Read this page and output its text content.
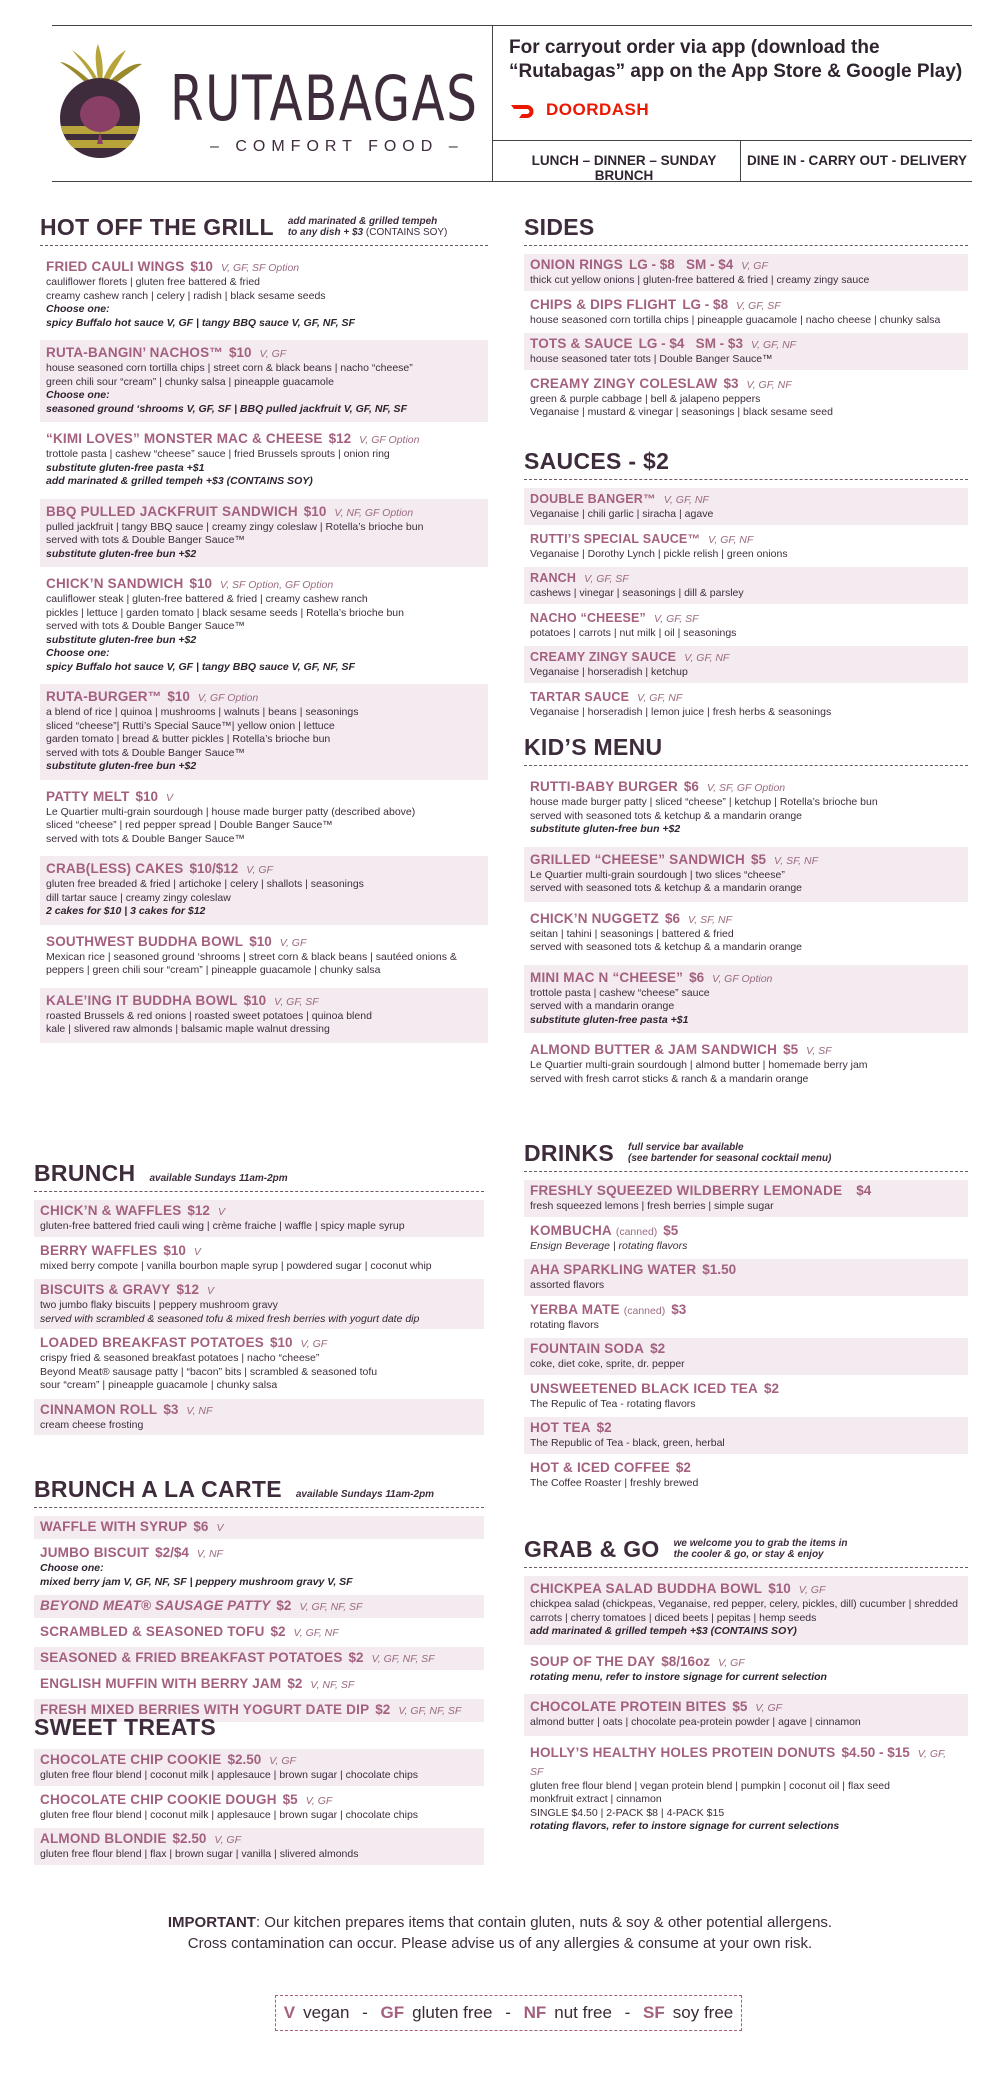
RUTABAGAS
– COMFORT FOOD –
For carryout order via app (download the “Rutabagas” app on the App Store & Google Play)
DOORDASH
LUNCH – DINNER – SUNDAY BRUNCH
DINE IN - CARRY OUT - DELIVERY
HOT OFF THE GRILL add marinated & grilled tempeh
to any dish + $3 (CONTAINS SOY)
FRIED CAULI WINGS $10 V, GF, SF Option
cauliflower florets | gluten free battered & fried
creamy cashew ranch | celery | radish | black sesame seeds
Choose one:
spicy Buffalo hot sauce V, GF | tangy BBQ sauce V, GF, NF, SF
RUTA-BANGIN’ NACHOS™ $10 V, GF
house seasoned corn tortilla chips | street corn & black beans | nacho “cheese”
green chili sour “cream” | chunky salsa | pineapple guacamole
Choose one:
seasoned ground ‘shrooms V, GF, SF | BBQ pulled jackfruit V, GF, NF, SF
“KIMI LOVES” MONSTER MAC & CHEESE $12 V, GF Option
trottole pasta | cashew “cheese” sauce | fried Brussels sprouts | onion ring
substitute gluten-free pasta +$1
add marinated & grilled tempeh +$3 (CONTAINS SOY)
BBQ PULLED JACKFRUIT SANDWICH $10 V, NF, GF Option
pulled jackfruit | tangy BBQ sauce | creamy zingy coleslaw | Rotella’s brioche bun
served with tots & Double Banger Sauce™
substitute gluten-free bun +$2
CHICK’N SANDWICH $10 V, SF Option, GF Option
cauliflower steak | gluten-free battered & fried | creamy cashew ranch
pickles | lettuce | garden tomato | black sesame seeds | Rotella’s brioche bun
served with tots & Double Banger Sauce™
substitute gluten-free bun +$2
Choose one:
spicy Buffalo hot sauce V, GF | tangy BBQ sauce V, GF, NF, SF
RUTA-BURGER™ $10 V, GF Option
a blend of rice | quinoa | mushrooms | walnuts | beans | seasonings
sliced “cheese”| Rutti’s Special Sauce™| yellow onion | lettuce
garden tomato | bread & butter pickles | Rotella’s brioche bun
served with tots & Double Banger Sauce™
substitute gluten-free bun +$2
PATTY MELT $10 V
Le Quartier multi-grain sourdough | house made burger patty (described above)
sliced “cheese” | red pepper spread | Double Banger Sauce™
served with tots & Double Banger Sauce™
CRAB(LESS) CAKES $10/$12 V, GF
gluten free breaded & fried | artichoke | celery | shallots | seasonings
dill tartar sauce | creamy zingy coleslaw
2 cakes for $10 | 3 cakes for $12
SOUTHWEST BUDDHA BOWL $10 V, GF
Mexican rice | seasoned ground ‘shrooms | street corn & black beans | sautéed onions &
peppers | green chili sour “cream” | pineapple guacamole | chunky salsa
KALE’ING IT BUDDHA BOWL $10 V, GF, SF
roasted Brussels & red onions | roasted sweet potatoes | quinoa blend
kale | slivered raw almonds | balsamic maple walnut dressing
BRUNCH available Sundays 11am-2pm
CHICK’N & WAFFLES $12 V
gluten-free battered fried cauli wing | crème fraiche | waffle | spicy maple syrup
BERRY WAFFLES $10 V
mixed berry compote | vanilla bourbon maple syrup | powdered sugar | coconut whip
BISCUITS & GRAVY $12 V
two jumbo flaky biscuits | peppery mushroom gravy
served with scrambled & seasoned tofu & mixed fresh berries with yogurt date dip
LOADED BREAKFAST POTATOES $10 V, GF
crispy fried & seasoned breakfast potatoes | nacho “cheese”
Beyond Meat® sausage patty | “bacon” bits | scrambled & seasoned tofu
sour “cream” | pineapple guacamole | chunky salsa
CINNAMON ROLL $3 V, NF
cream cheese frosting
BRUNCH A LA CARTE available Sundays 11am-2pm
WAFFLE WITH SYRUP $6 V
JUMBO BISCUIT $2/$4 V, NF
Choose one:
mixed berry jam V, GF, NF, SF | peppery mushroom gravy V, SF
BEYOND MEAT® SAUSAGE PATTY $2 V, GF, NF, SF
SCRAMBLED & SEASONED TOFU $2 V, GF, NF
SEASONED & FRIED BREAKFAST POTATOES $2 V, GF, NF, SF
ENGLISH MUFFIN WITH BERRY JAM $2 V, NF, SF
FRESH MIXED BERRIES WITH YOGURT DATE DIP $2 V, GF, NF, SF
SWEET TREATS
CHOCOLATE CHIP COOKIE $2.50 V, GF
gluten free flour blend | coconut milk | applesauce | brown sugar | chocolate chips
CHOCOLATE CHIP COOKIE DOUGH $5 V, GF
gluten free flour blend | coconut milk | applesauce | brown sugar | chocolate chips
ALMOND BLONDIE $2.50 V, GF
gluten free flour blend | flax | brown sugar | vanilla | slivered almonds
SIDES
ONION RINGS LG - $8   SM - $4 V, GF
thick cut yellow onions | gluten-free battered & fried | creamy zingy sauce
CHIPS & DIPS FLIGHT LG - $8 V, GF, SF
house seasoned corn tortilla chips | pineapple guacamole | nacho cheese | chunky salsa
TOTS & SAUCE LG - $4   SM - $3 V, GF, NF
house seasoned tater tots | Double Banger Sauce™
CREAMY ZINGY COLESLAW $3 V, GF, NF
green & purple cabbage | bell & jalapeno peppers
Veganaise | mustard & vinegar | seasonings | black sesame seed
SAUCES - $2
DOUBLE BANGER™ V, GF, NF
Veganaise | chili garlic | siracha | agave
RUTTI’S SPECIAL SAUCE™ V, GF, NF
Veganaise | Dorothy Lynch | pickle relish | green onions
RANCH V, GF, SF
cashews | vinegar | seasonings | dill & parsley
NACHO “CHEESE” V, GF, SF
potatoes | carrots | nut milk | oil | seasonings
CREAMY ZINGY SAUCE V, GF, NF
Veganaise | horseradish | ketchup
TARTAR SAUCE V, GF, NF
Veganaise | horseradish | lemon juice | fresh herbs & seasonings
KID’S MENU
RUTTI-BABY BURGER $6 V, SF, GF Option
house made burger patty | sliced “cheese” | ketchup | Rotella’s brioche bun
served with seasoned tots & ketchup & a mandarin orange
substitute gluten-free bun +$2
GRILLED “CHEESE” SANDWICH $5 V, SF, NF
Le Quartier multi-grain sourdough | two slices “cheese”
served with seasoned tots & ketchup & a mandarin orange
CHICK’N NUGGETZ $6 V, SF, NF
seitan | tahini | seasonings | battered & fried
served with seasoned tots & ketchup & a mandarin orange
MINI MAC N “CHEESE” $6 V, GF Option
trottole pasta | cashew “cheese” sauce
served with a mandarin orange
substitute gluten-free pasta +$1
ALMOND BUTTER & JAM SANDWICH $5 V, SF
Le Quartier multi-grain sourdough | almond butter | homemade berry jam
served with fresh carrot sticks & ranch & a mandarin orange
DRINKS full service bar available
(see bartender for seasonal cocktail menu)
FRESHLY SQUEEZED WILDBERRY LEMONADE $4
fresh squeezed lemons | fresh berries | simple sugar
KOMBUCHA (canned) $5
Ensign Beverage | rotating flavors
AHA SPARKLING WATER $1.50
assorted flavors
YERBA MATE (canned) $3
rotating flavors
FOUNTAIN SODA $2
coke, diet coke, sprite, dr. pepper
UNSWEETENED BLACK ICED TEA $2
The Repulic of Tea - rotating flavors
HOT TEA $2
The Republic of Tea - black, green, herbal
HOT & ICED COFFEE $2
The Coffee Roaster | freshly brewed
GRAB & GO we welcome you to grab the items in
the cooler & go, or stay & enjoy
CHICKPEA SALAD BUDDHA BOWL $10 V, GF
chickpea salad (chickpeas, Veganaise, red pepper, celery, pickles, dill) cucumber | shredded
carrots | cherry tomatoes | diced beets | pepitas | hemp seeds
add marinated & grilled tempeh +$3 (CONTAINS SOY)
SOUP OF THE DAY $8/16oz V, GF
rotating menu, refer to instore signage for current selection
CHOCOLATE PROTEIN BITES $5 V, GF
almond butter | oats | chocolate pea-protein powder | agave | cinnamon
HOLLY’S HEALTHY HOLES PROTEIN DONUTS $4.50 - $15 V, GF, SF
gluten free flour blend | vegan protein blend | pumpkin | coconut oil | flax seed
monkfruit extract | cinnamon
SINGLE $4.50 | 2-PACK $8 | 4-PACK $15
rotating flavors, refer to instore signage for current selections
IMPORTANT: Our kitchen prepares items that contain gluten, nuts & soy & other potential allergens.
Cross contamination can occur. Please advise us of any allergies & consume at your own risk.
V vegan - GF gluten free - NF nut free - SF soy free
